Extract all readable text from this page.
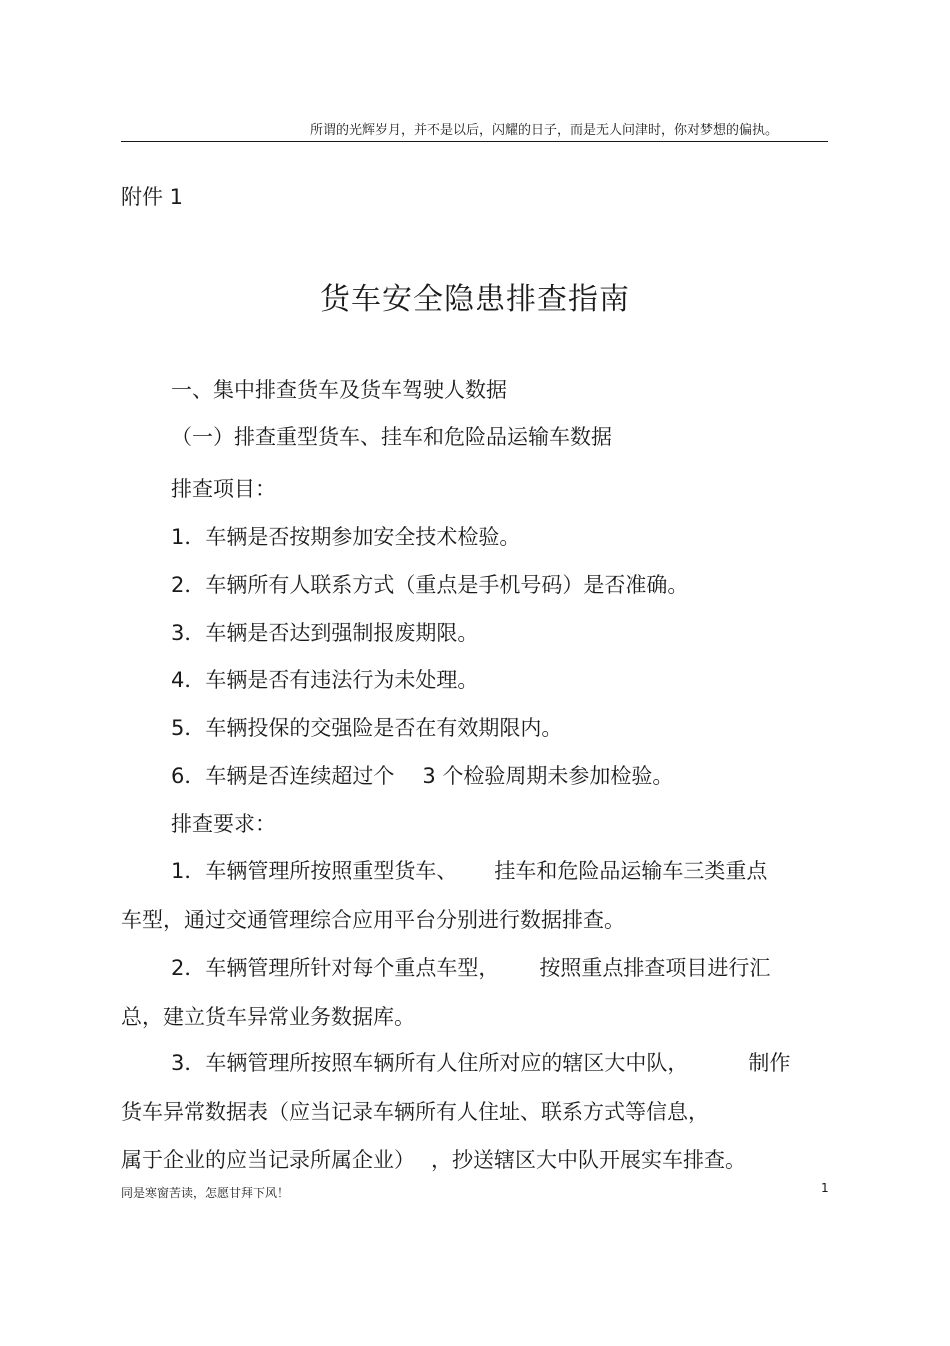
所谓的光辉岁月，并不是以后，闪耀的日子，而是无人问津时，你对梦想的偏执。
附件 1
货车安全隐患排查指南
一、集中排查货车及货车驾驶人数据
（一）排查重型货车、挂车和危险品运输车数据
排查项目：
1．车辆是否按期参加安全技术检验。
2．车辆所有人联系方式（重点是手机号码）是否准确。
3．车辆是否达到强制报废期限。
4．车辆是否有违法行为未处理。
5．车辆投保的交强险是否在有效期限内。
6．车辆是否连续超过个 3 个检验周期未参加检验。
排查要求：
1．车辆管理所按照重型货车、 挂车和危险品运输车三类重点
车型，通过交通管理综合应用平台分别进行数据排查。
2．车辆管理所针对每个重点车型， 按照重点排查项目进行汇
总，建立货车异常业务数据库。
3．车辆管理所按照车辆所有人住所对应的辖区大中队，	制作
货车异常数据表（应当记录车辆所有人住址、联系方式等信息，
属于企业的应当记录所属企业） ，抄送辖区大中队开展实车排查。
同是寒窗苦读，怎愿甘拜下风！	1
